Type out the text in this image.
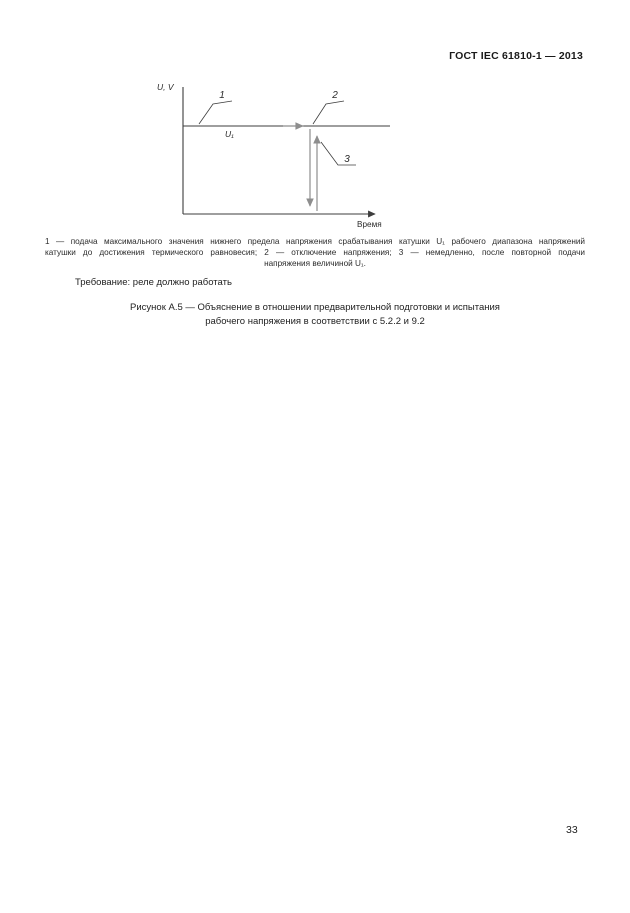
ГОСТ IEC 61810-1 — 2013
U, V
U₁
1	2
3
Время
1 — подача максимального значения нижнего предела напряжения срабатывания катушки U₁ рабочего диапазона напряжений
катушки до достижения термического равновесия; 2 — отключение напряжения; 3 — немедленно, после повторной подачи
напряжения величиной U₁.
Требование: реле должно работать
Рисунок А.5 — Объяснение в отношении предварительной подготовки и испытания
рабочего напряжения в соответствии с 5.2.2 и 9.2
33
